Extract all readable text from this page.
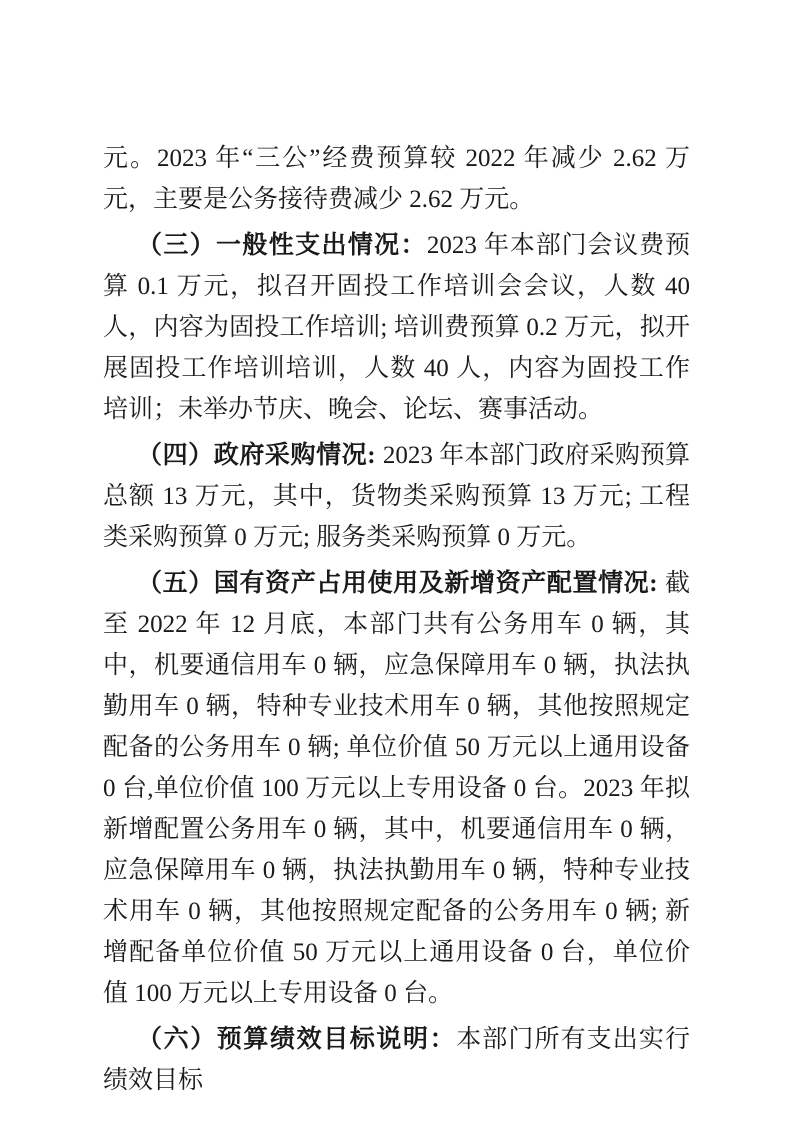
元。2023 年“三公”经费预算较 2022 年减少 2.62 万元，主要是公务接待费减少 2.62 万元。

（三）一般性支出情况：2023 年本部门会议费预算 0.1 万元，拟召开固投工作培训会会议，人数 40 人，内容为固投工作培训; 培训费预算 0.2 万元，拟开展固投工作培训培训，人数 40 人，内容为固投工作培训；未举办节庆、晚会、论坛、赛事活动。

（四）政府采购情况: 2023 年本部门政府采购预算总额 13 万元，其中，货物类采购预算 13 万元; 工程类采购预算 0 万元; 服务类采购预算 0 万元。

（五）国有资产占用使用及新增资产配置情况: 截至 2022 年 12 月底，本部门共有公务用车 0 辆，其中，机要通信用车 0 辆，应急保障用车 0 辆，执法执勤用车 0 辆，特种专业技术用车 0 辆，其他按照规定配备的公务用车 0 辆; 单位价值 50 万元以上通用设备 0 台,单位价值 100 万元以上专用设备 0 台。2023 年拟新增配置公务用车 0 辆，其中，机要通信用车 0 辆，应急保障用车 0 辆，执法执勤用车 0 辆，特种专业技术用车 0 辆，其他按照规定配备的公务用车 0 辆; 新增配备单位价值 50 万元以上通用设备 0 台，单位价值 100 万元以上专用设备 0 台。

（六）预算绩效目标说明：本部门所有支出实行绩效目标
